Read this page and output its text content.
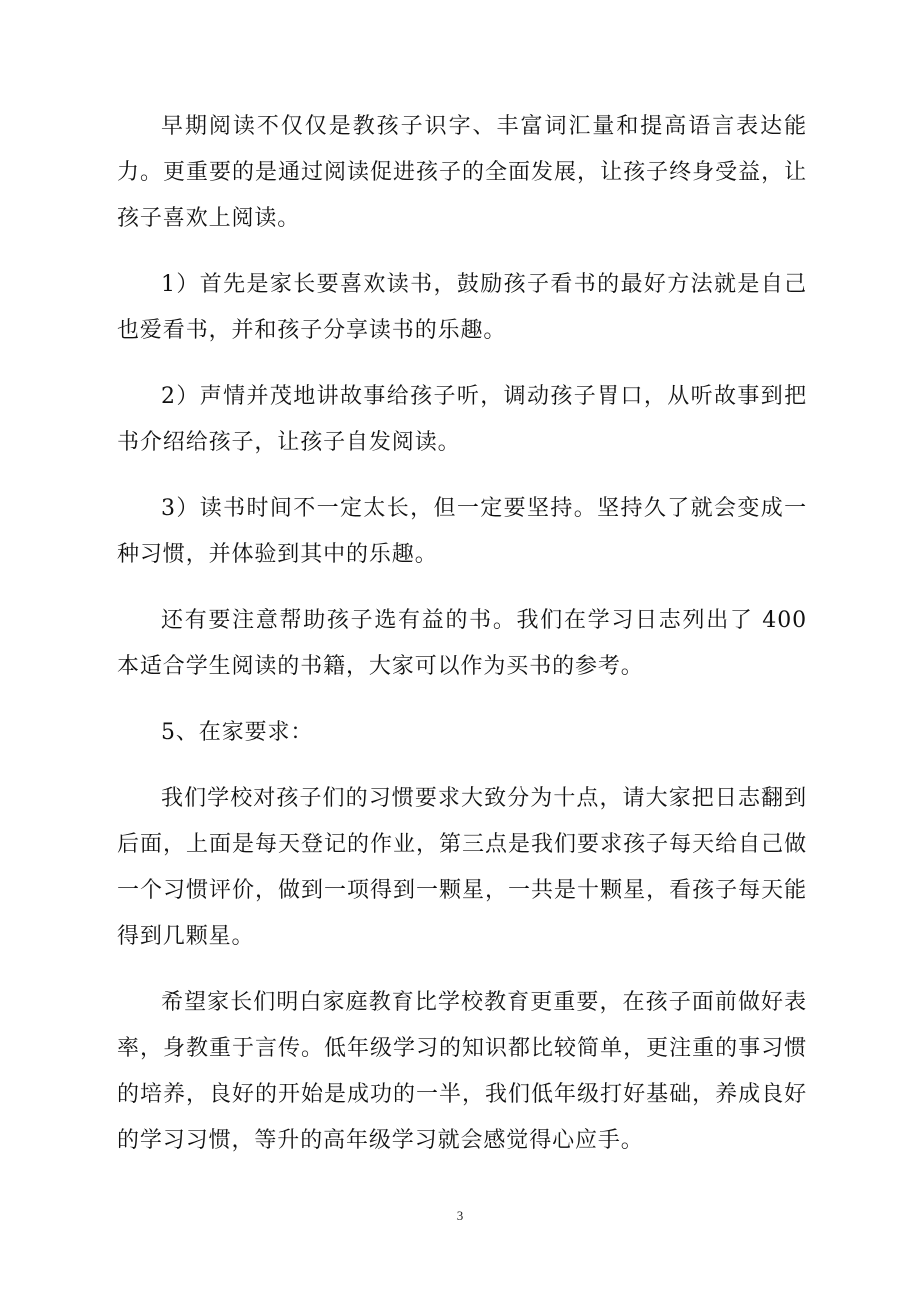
早期阅读不仅仅是教孩子识字、丰富词汇量和提高语言表达能力。更重要的是通过阅读促进孩子的全面发展，让孩子终身受益，让孩子喜欢上阅读。

1）首先是家长要喜欢读书，鼓励孩子看书的最好方法就是自己也爱看书，并和孩子分享读书的乐趣。

2）声情并茂地讲故事给孩子听，调动孩子胃口，从听故事到把书介绍给孩子，让孩子自发阅读。

3）读书时间不一定太长，但一定要坚持。坚持久了就会变成一种习惯，并体验到其中的乐趣。

还有要注意帮助孩子选有益的书。我们在学习日志列出了 400 本适合学生阅读的书籍，大家可以作为买书的参考。

5、在家要求：

我们学校对孩子们的习惯要求大致分为十点，请大家把日志翻到后面，上面是每天登记的作业，第三点是我们要求孩子每天给自己做一个习惯评价，做到一项得到一颗星，一共是十颗星，看孩子每天能得到几颗星。

希望家长们明白家庭教育比学校教育更重要，在孩子面前做好表率，身教重于言传。低年级学习的知识都比较简单，更注重的事习惯的培养，良好的开始是成功的一半，我们低年级打好基础，养成良好的学习习惯，等升的高年级学习就会感觉得心应手。

3
